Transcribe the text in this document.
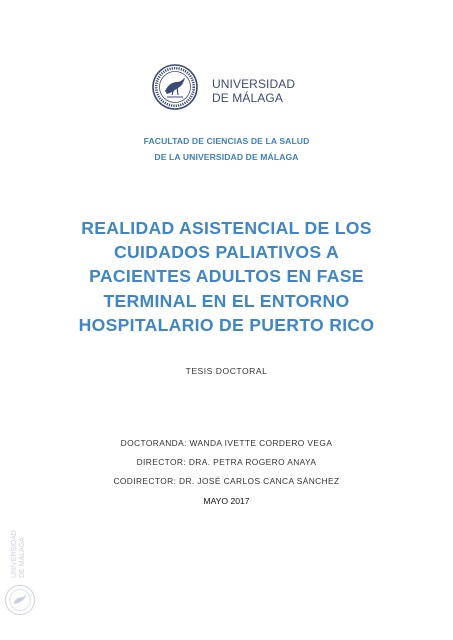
UNIVERSIDAD
DE MÁLAGA
FACULTAD DE CIENCIAS DE LA SALUD
DE LA UNIVERSIDAD DE MÁLAGA
REALIDAD ASISTENCIAL DE LOS
CUIDADOS PALIATIVOS A
PACIENTES ADULTOS EN FASE
TERMINAL EN EL ENTORNO
HOSPITALARIO DE PUERTO RICO
TESIS DOCTORAL
DOCTORANDA: WANDA IVETTE CORDERO VEGA
DIRECTOR: DRA. PETRA ROGERO ANAYA
CODIRECTOR: DR. JOSÉ CARLOS CANCA SÁNCHEZ
MAYO 2017
UNIVERSIDAD DE MÁLAGA
